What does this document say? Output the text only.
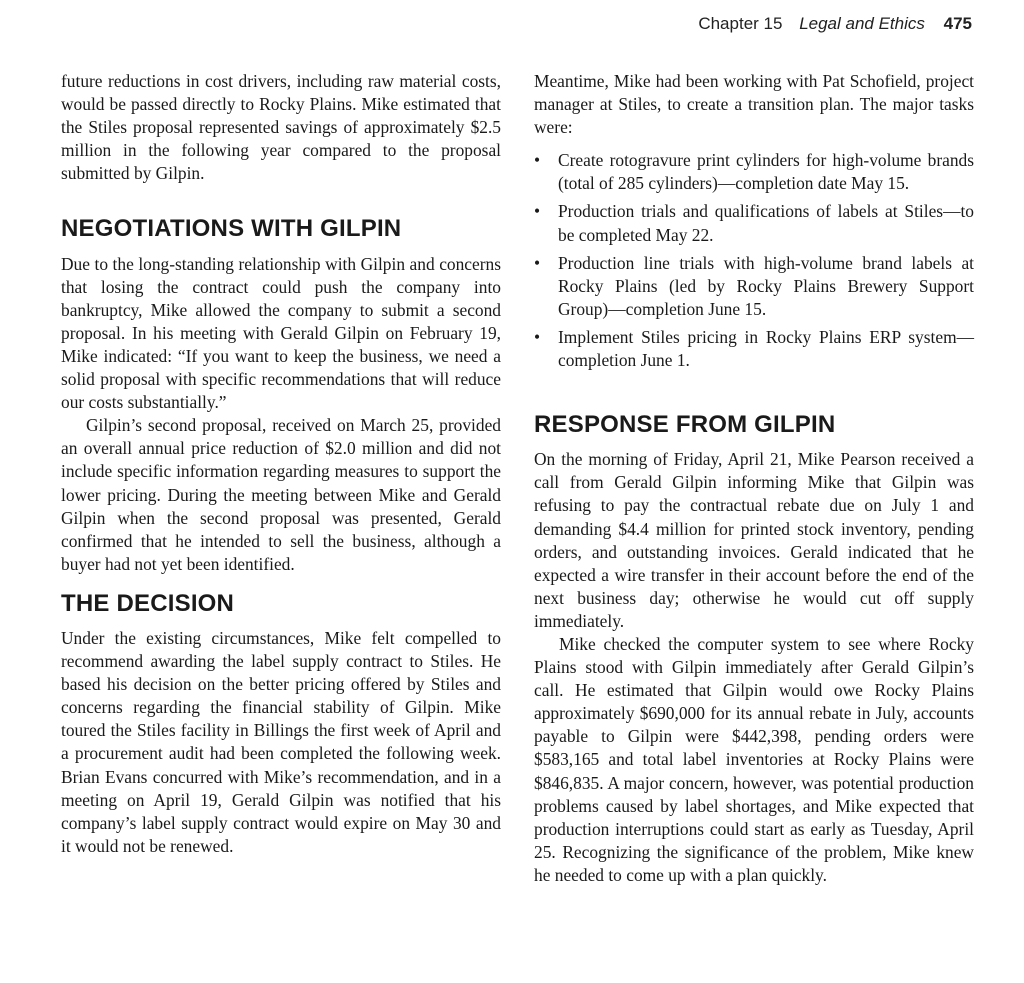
Chapter 15 Legal and Ethics 475

future reductions in cost drivers, including raw material costs, would be passed directly to Rocky Plains. Mike estimated that the Stiles proposal represented savings of approximately $2.5 million in the following year compared to the proposal submitted by Gilpin.

NEGOTIATIONS WITH GILPIN

Due to the long-standing relationship with Gilpin and concerns that losing the contract could push the company into bankruptcy, Mike allowed the company to submit a second proposal. In his meeting with Gerald Gilpin on February 19, Mike indicated: “If you want to keep the business, we need a solid proposal with specific recommendations that will reduce our costs substantially.”

Gilpin’s second proposal, received on March 25, provided an overall annual price reduction of $2.0 million and did not include specific information regarding measures to support the lower pricing. During the meeting between Mike and Gerald Gilpin when the second proposal was presented, Gerald confirmed that he intended to sell the business, although a buyer had not yet been identified.

THE DECISION

Under the existing circumstances, Mike felt compelled to recommend awarding the label supply contract to Stiles. He based his decision on the better pricing offered by Stiles and concerns regarding the financial stability of Gilpin. Mike toured the Stiles facility in Billings the first week of April and a procurement audit had been completed the following week. Brian Evans concurred with Mike’s recommendation, and in a meeting on April 19, Gerald Gilpin was notified that his company’s label supply contract would expire on May 30 and it would not be renewed.

Meantime, Mike had been working with Pat Schofield, project manager at Stiles, to create a transition plan. The major tasks were:

• Create rotogravure print cylinders for high-volume brands (total of 285 cylinders)—completion date May 15.
• Production trials and qualifications of labels at Stiles—to be completed May 22.
• Production line trials with high-volume brand labels at Rocky Plains (led by Rocky Plains Brewery Support Group)—completion June 15.
• Implement Stiles pricing in Rocky Plains ERP system—completion June 1.
RESPONSE FROM GILPIN

On the morning of Friday, April 21, Mike Pearson received a call from Gerald Gilpin informing Mike that Gilpin was refusing to pay the contractual rebate due on July 1 and demanding $4.4 million for printed stock inventory, pending orders, and outstanding invoices. Gerald indicated that he expected a wire transfer in their account before the end of the next business day; otherwise he would cut off supply immediately.

Mike checked the computer system to see where Rocky Plains stood with Gilpin immediately after Gerald Gilpin’s call. He estimated that Gilpin would owe Rocky Plains approximately $690,000 for its annual rebate in July, accounts payable to Gilpin were $442,398, pending orders were $583,165 and total label inventories at Rocky Plains were $846,835. A major concern, however, was potential production problems caused by label shortages, and Mike expected that production interruptions could start as early as Tuesday, April 25. Recognizing the significance of the problem, Mike knew he needed to come up with a plan quickly.
